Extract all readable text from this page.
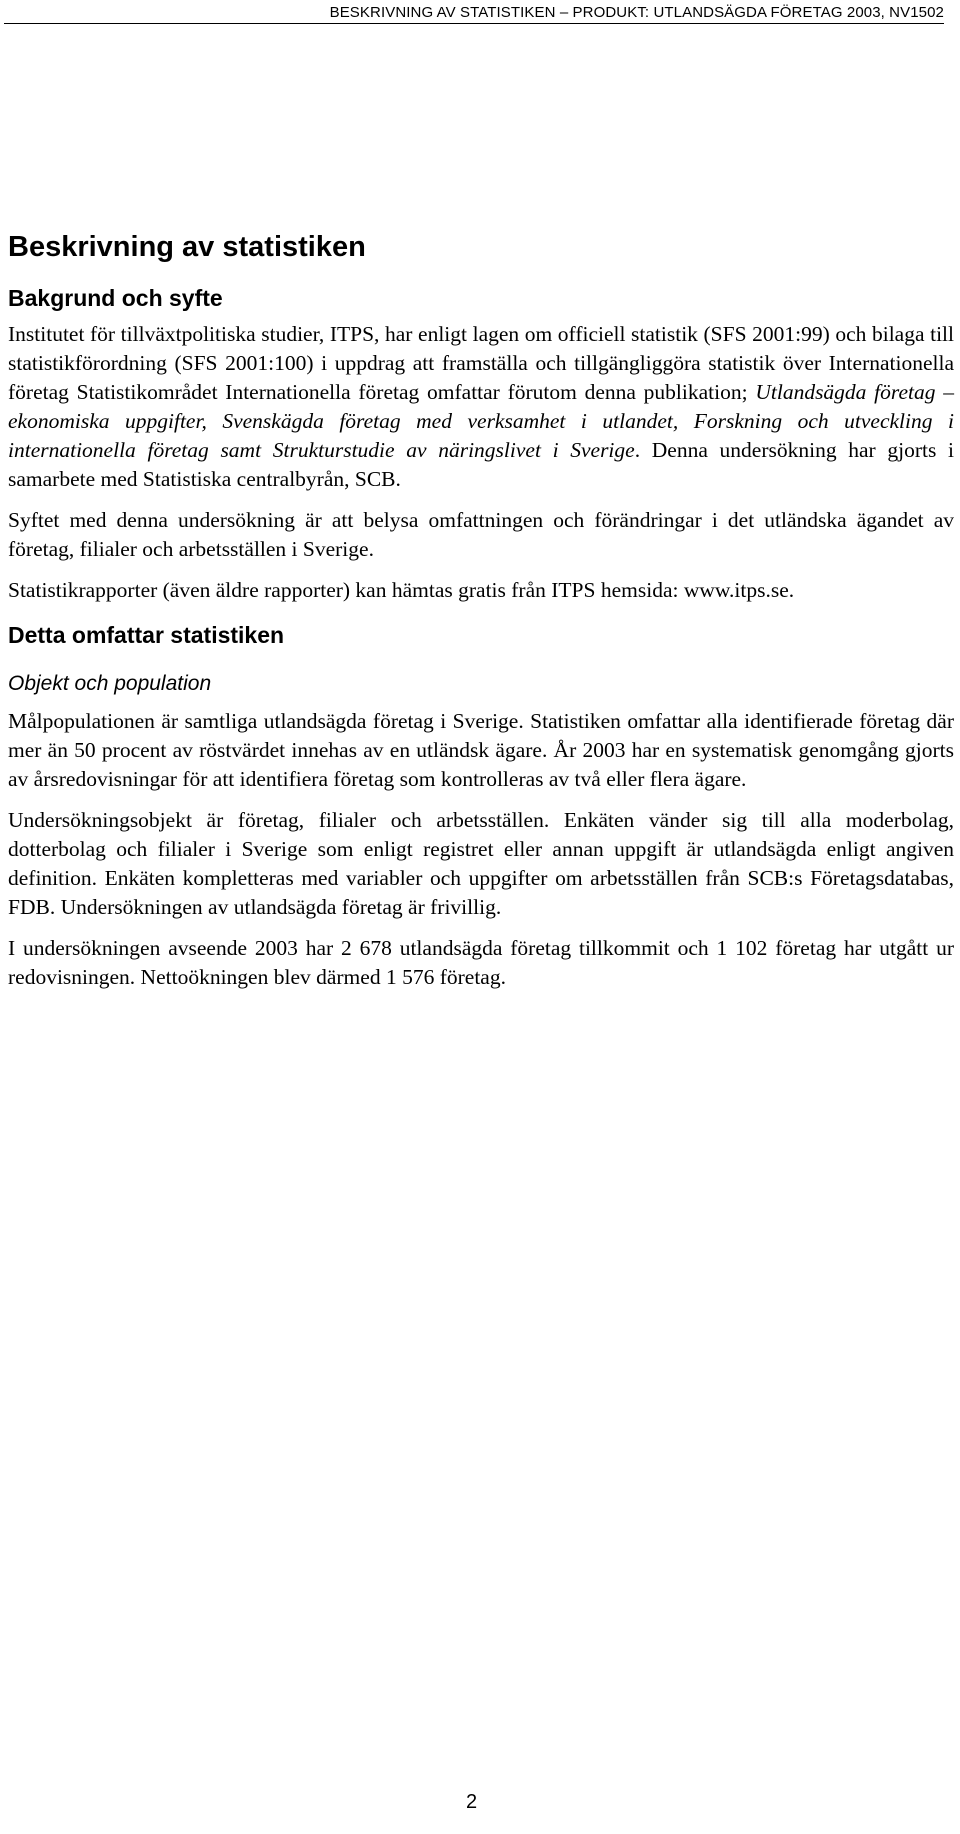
BESKRIVNING AV STATISTIKEN – PRODUKT: UTLANDSÄGDA FÖRETAG 2003, NV1502
Beskrivning av statistiken
Bakgrund och syfte

Institutet för tillväxtpolitiska studier, ITPS, har enligt lagen om officiell statistik (SFS 2001:99) och bilaga till statistikförordning (SFS 2001:100) i uppdrag att framställa och tillgängliggöra statistik över Internationella företag Statistikområdet Internationella företag omfattar förutom denna publikation; Utlandsägda företag – ekonomiska uppgifter, Svenskägda företag med verksamhet i utlandet, Forskning och utveckling i internationella företag samt Strukturstudie av näringslivet i Sverige. Denna undersökning har gjorts i samarbete med Statistiska centralbyrån, SCB.

Syftet med denna undersökning är att belysa omfattningen och förändringar i det utländska ägandet av företag, filialer och arbetsställen i Sverige.

Statistikrapporter (även äldre rapporter) kan hämtas gratis från ITPS hemsida: www.itps.se.

Detta omfattar statistiken
Objekt och population

Målpopulationen är samtliga utlandsägda företag i Sverige. Statistiken omfattar alla identifierade företag där mer än 50 procent av röstvärdet innehas av en utländsk ägare. År 2003 har en systematisk genomgång gjorts av årsredovisningar för att identifiera företag som kontrolleras av två eller flera ägare.

Undersökningsobjekt är företag, filialer och arbetsställen. Enkäten vänder sig till alla moderbolag, dotterbolag och filialer i Sverige som enligt registret eller annan uppgift är utlandsägda enligt angiven definition. Enkäten kompletteras med variabler och uppgifter om arbetsställen från SCB:s Företagsdatabas, FDB. Undersökningen av utlandsägda företag är frivillig.

I undersökningen avseende 2003 har 2 678 utlandsägda företag tillkommit och 1 102 företag har utgått ur redovisningen. Nettoökningen blev därmed 1 576 företag.

2
